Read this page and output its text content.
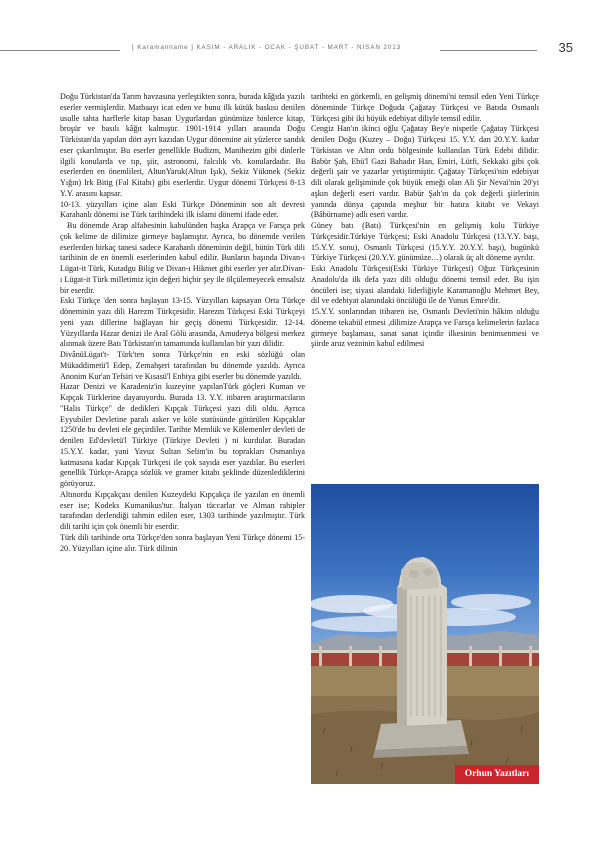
[ Karamanname ] KASIM - ARALIK - OCAK - ŞUBAT - MART - NİSAN 2013	35

Doğu Türkistan'da Tarım havzasına yerleştikten sonra, burada kâğıda yazılı eserler vermişlerdir. Matbaayı icat eden ve bunu ilk kütük baskısı denilen usulle tahta harflerle kitap basan Uygurlardan günümüze binlerce kitap, broşür ve basılı kâğıt kalmıştır. 1901-1914 yılları arasında Doğu Türkistan'da yapılan dört ayrı kazıdan Uygur dönemine ait yüzlerce sandık eser çıkarılmıştır. Bu eserler genellikle Budizm, Manihezim gibi dinlerle ilgili konularda ve tıp, şiir, astronomi, falcılık vb. konulardadır. Bu eserlerden en önemlileri, AltunYaruk(Altun Işık), Sekiz Yükmek (Sekiz Yığın) Irk Bitig (Fal Kitabı) gibi eserlerdir. Uygur dönemi Türkçesi 8-13 Y.Y. arasını kapsar.

10-13. yüzyılları içine alan Eski Türkçe Döneminin son alt devresi Karahanlı dönemi ise Türk tarihindeki ilk islami dönemi ifade eder.

Bu dönemde Arap alfabesinin kabulünden başka Arapça ve Farsça pek çok kelime de dilimize girmeye başlamıştır. Ayrıca, bu dönemde verilen eserlerden birkaç tanesi sadece Karahanlı döneminin değil, bütün Türk dili tarihinin de en önemli eserlerinden kabul edilir. Bunların başında Divan-ı Lügat-it Türk, Kutadgu Bilig ve Divan-ı Hikmet gibi eserler yer alır.Divan-ı Lügat-it Türk milletimiz için değeri hiçbir şey ile ölçülemeyecek emsalsiz bir eserdir.

Eski Türkçe 'den sonra başlayan 13-15. Yüzyılları kapsayan Orta Türkçe döneminin yazı dili Harezm Türkçesidir. Harezm Türkçesi Eski Türkçeyi yeni yazı dillerine bağlayan bir geçiş dönemi Türkçesidir. 12-14. Yüzyıllarda Hazar denizi ile Aral Gölü arasında, Amuderya bölgesi merkez alınmak üzere Batı Türkistan'ın tamamında kullanılan bir yazı dilidir.

DivânüLügat't- Türk'ten sonra Türkçe'nin en eski sözlüğü olan Mükaddimetü'l Edep, Zemahşeri tarafından bu dönemde yazıldı. Ayrıca Anonim Kur'an Tefsiri ve Kısasü'l Enbiya gibi eserler bu dönemde yazıldı.

Hazar Denizi ve Karadeniz'in kuzeyine yapılanTürk göçleri Kuman ve Kıpçak Türklerine dayanıyordu. Burada 13. Y.Y. itibaren araştırmacıların "Halis Türkçe" de dedikleri Kıpçak Türkçesi yazı dili oldu. Ayrıca Eyyubiler Devletine paralı asker ve köle statüsünde götürülen Kıpçaklar 1250'de bu devleti ele geçirdiler. Tarihte Memlük ve Kölemenler devleti de denilen Ed'devletü'l Türkiye (Türkiye Devleti ) ni kurdular. Buradan 15.Y.Y. kadar, yani Yavuz Sultan Selim'in bu toprakları Osmanlıya katmasına kadar Kıpçak Türkçesi ile çok sayıda eser yazdılar. Bu eserleri genellik Türkçe-Arapça sözlük ve gramer kitabı şeklinde düzenlediklerini görüyoruz.

Altınordu Kıpçakçası denilen Kuzeydeki Kıpçakça ile yazılan en önemli eser ise; Kodeks Kumanikus'tur. İtalyan tüccarlar ve Alman rahipler tarafından derlendiği tahmin edilen eser, 1303 tarihinde yazılmıştır. Türk dili tarihi için çok önemli bir eserdir.

Türk dili tarihinde orta Türkçe'den sonra başlayan Yeni Türkçe dönemi 15-20. Yüzyılları içine alır. Türk dilinin

tarihteki en görkemli, en gelişmiş dönemi'ni temsil eden Yeni Türkçe döneminde Türkçe Doğuda Çağatay Türkçesi ve Batıda Osmanlı Türkçesi gibi iki büyük edebiyat diliyle temsil edilir.

Cengiz Han'ın ikinci oğlu Çağatay Bey'e nispetle Çağatay Türkçesi denilen Doğu (Kuzey – Doğu) Türkçesi 15. Y.Y. dan 20.Y.Y. kadar Türkistan ve Altın ordu bölgesinde kullanılan Türk Edebi dilidir. Babür Şah, Ebü'l Gazi Bahadır Han, Emiri, Lütfi, Sekkaki gibi çok değerli şair ve yazarlar yetiştirmiştir. Çağatay Türkçesi'nin edebiyat dili olarak gelişiminde çok büyük emeği olan Ali Şir Nevai'nin 20'yi aşkın değerli eseri vardır. Babür Şah'ın da çok değerli şiirlerinin yanında dünya çapında meşhur bir hatıra kitabı ve Vekayi (Bâbürname) adlı eseri vardır.

Güney batı (Batı) Türkçesi'nin en gelişmiş kolu Türkiye Türkçesidir.Türkiye Türkçesi; Eski Anadolu Türkçesi (13.Y.Y. başı, 15.Y.Y. sonu), Osmanlı Türkçesi (15.Y.Y. 20.Y.Y. başı), bugünkü Türkiye Türkçesi (20.Y.Y. günümüze…) olarak üç alt döneme ayrılır.

Eski Anadolu Türkçesi(Eski Türkiye Türkçesi) Oğuz Türkçesinin Anadolu'da ilk defa yazı dili olduğu dönemi temsil eder. Bu işin öncüleri ise; siyasi alandaki liderliğiyle Karamanoğlu Mehmet Bey, dil ve edebiyat alanındaki öncülüğü ile de Yunus Emre'dir.

15.Y.Y. sonlarından itibaren ise, Osmanlı Devleti'nin hâkim olduğu döneme tekabül etmesi ,dilimize Arapça ve Farsça kelimelerin fazlaca girmeye başlaması, sanat sanat içindir ilkesinin benimsenmesi ve şiirde aruz vezninin kabul edilmesi

Orhun Yazıtları
